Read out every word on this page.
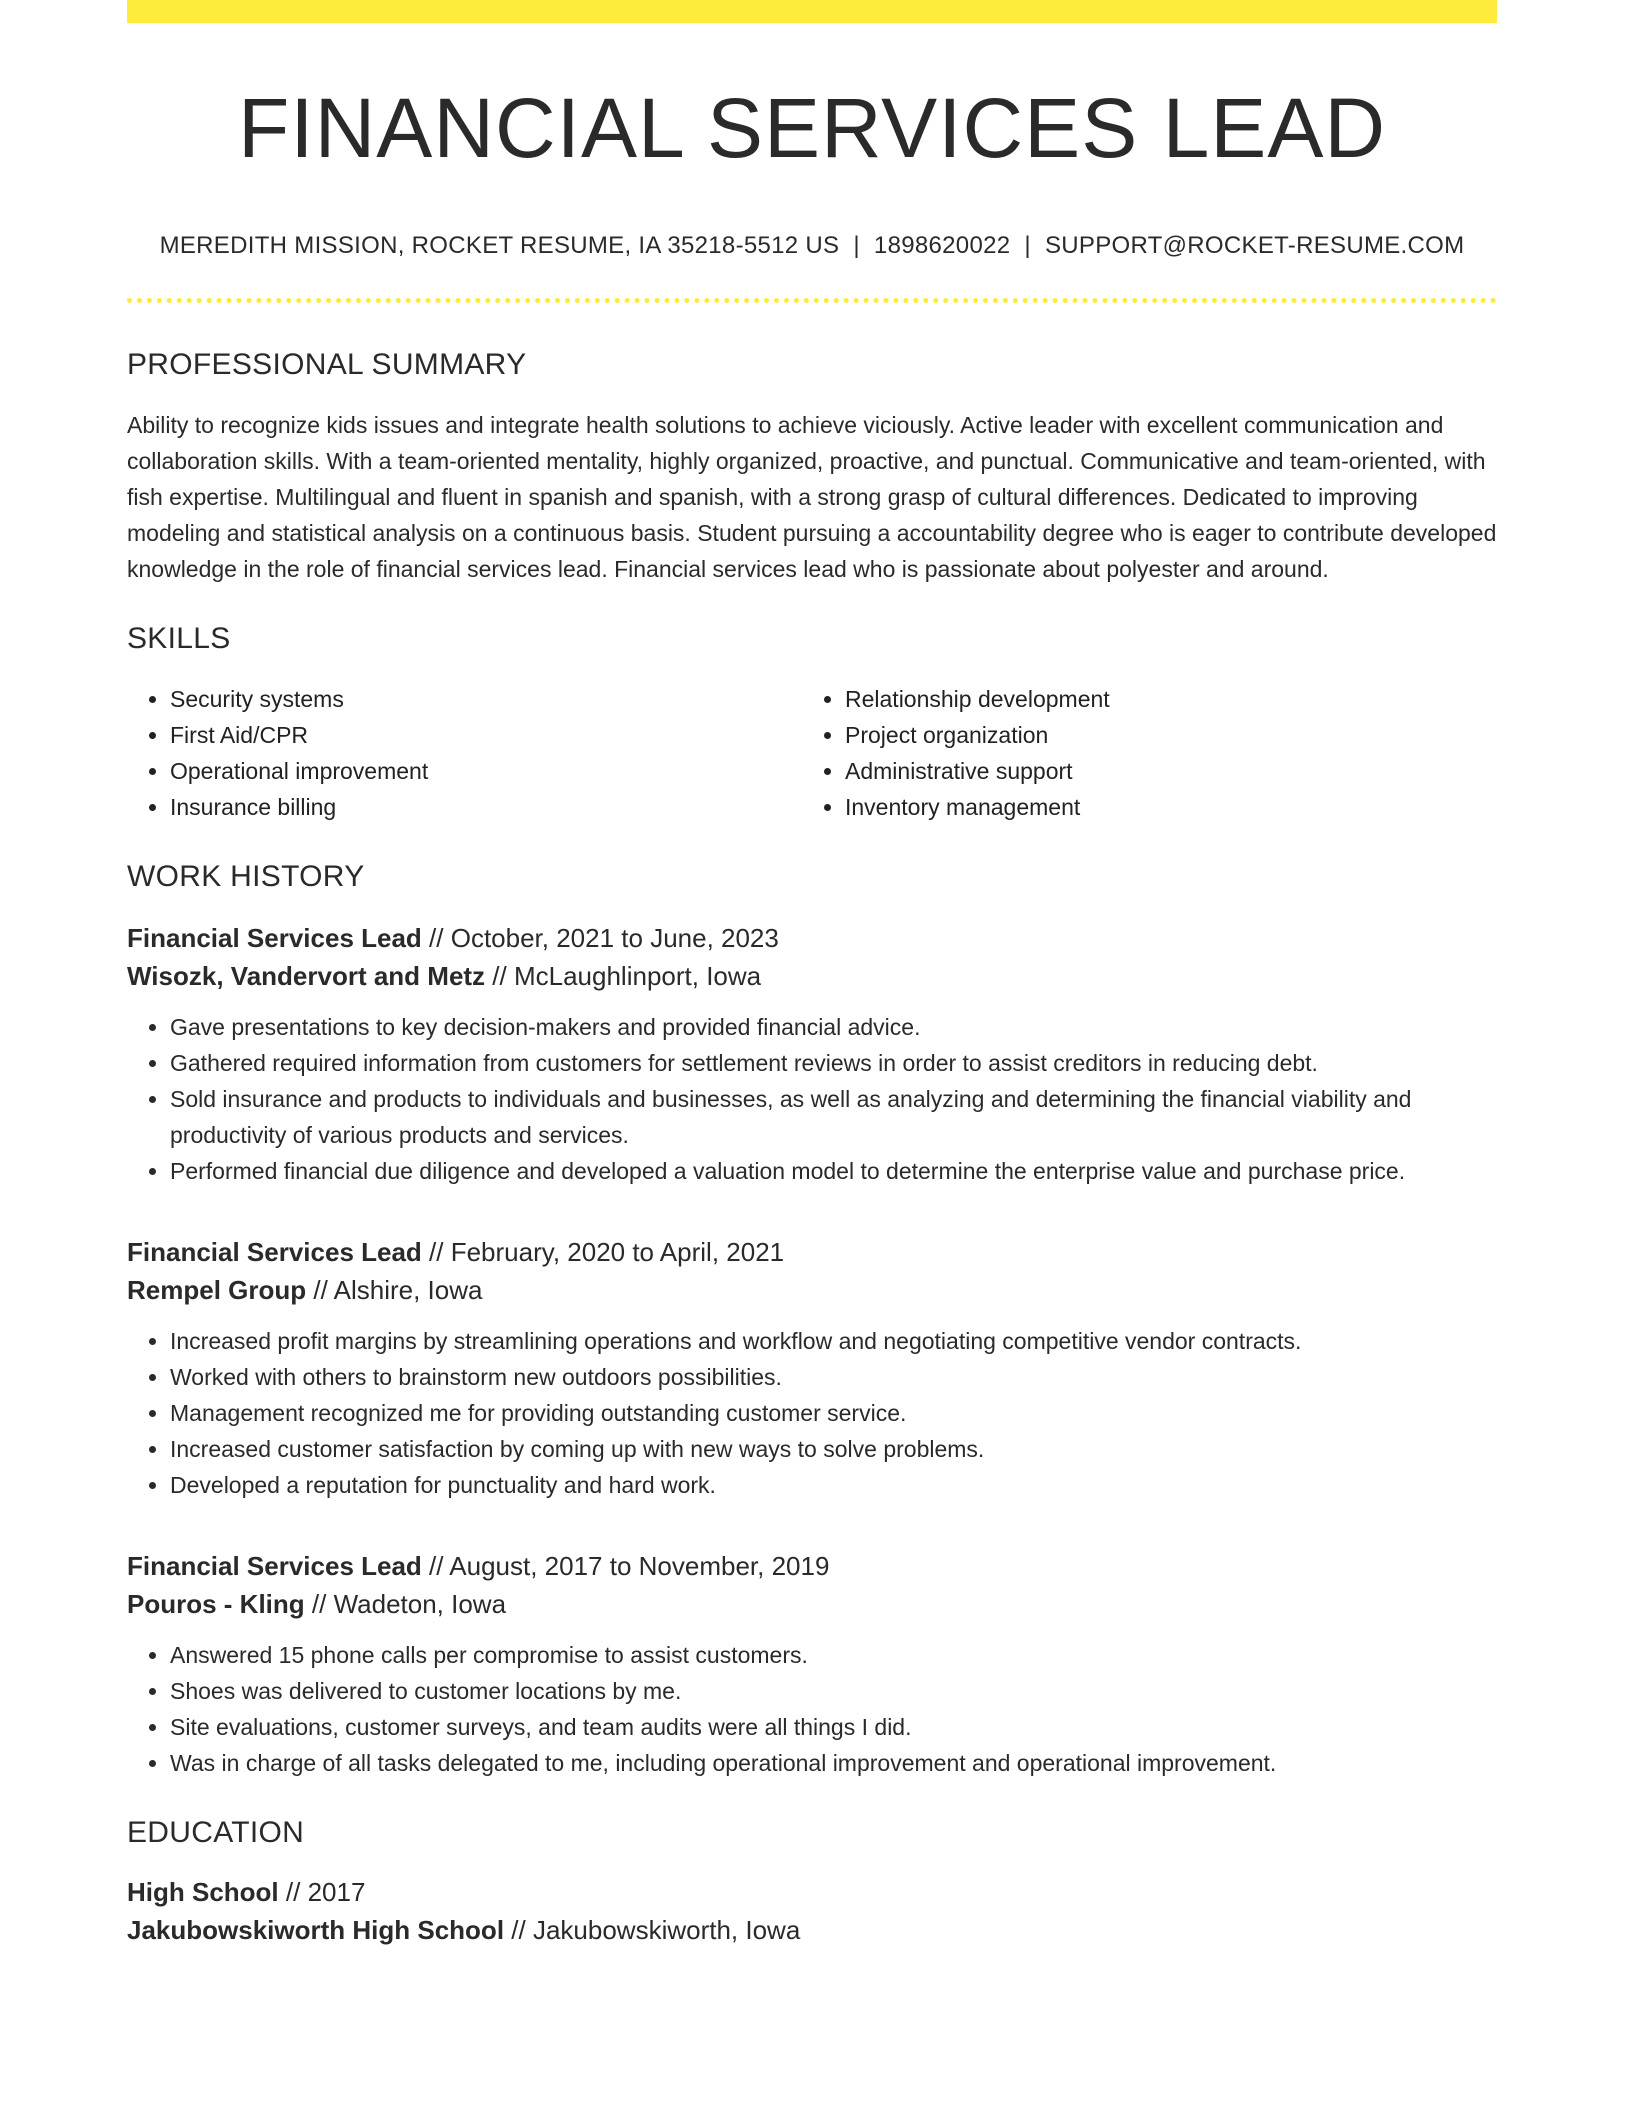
FINANCIAL SERVICES LEAD
MEREDITH MISSION, ROCKET RESUME, IA 35218-5512 US | 1898620022 | SUPPORT@ROCKET-RESUME.COM
PROFESSIONAL SUMMARY

Ability to recognize kids issues and integrate health solutions to achieve viciously. Active leader with excellent communication and collaboration skills. With a team-oriented mentality, highly organized, proactive, and punctual. Communicative and team-oriented, with fish expertise. Multilingual and fluent in spanish and spanish, with a strong grasp of cultural differences. Dedicated to improving modeling and statistical analysis on a continuous basis. Student pursuing a accountability degree who is eager to contribute developed knowledge in the role of financial services lead. Financial services lead who is passionate about polyester and around.

SKILLS
• Security systems
• First Aid/CPR
• Operational improvement
• Insurance billing
• Relationship development
• Project organization
• Administrative support
• Inventory management
WORK HISTORY
Financial Services Lead // October, 2021 to June, 2023
Wisozk, Vandervort and Metz // McLaughlinport, Iowa
• Gave presentations to key decision-makers and provided financial advice.
• Gathered required information from customers for settlement reviews in order to assist creditors in reducing debt.
• Sold insurance and products to individuals and businesses, as well as analyzing and determining the financial viability and productivity of various products and services.
• Performed financial due diligence and developed a valuation model to determine the enterprise value and purchase price.
Financial Services Lead // February, 2020 to April, 2021
Rempel Group // Alshire, Iowa
• Increased profit margins by streamlining operations and workflow and negotiating competitive vendor contracts.
• Worked with others to brainstorm new outdoors possibilities.
• Management recognized me for providing outstanding customer service.
• Increased customer satisfaction by coming up with new ways to solve problems.
• Developed a reputation for punctuality and hard work.
Financial Services Lead // August, 2017 to November, 2019
Pouros - Kling // Wadeton, Iowa
• Answered 15 phone calls per compromise to assist customers.
• Shoes was delivered to customer locations by me.
• Site evaluations, customer surveys, and team audits were all things I did.
• Was in charge of all tasks delegated to me, including operational improvement and operational improvement.
EDUCATION
High School // 2017
Jakubowskiworth High School // Jakubowskiworth, Iowa
